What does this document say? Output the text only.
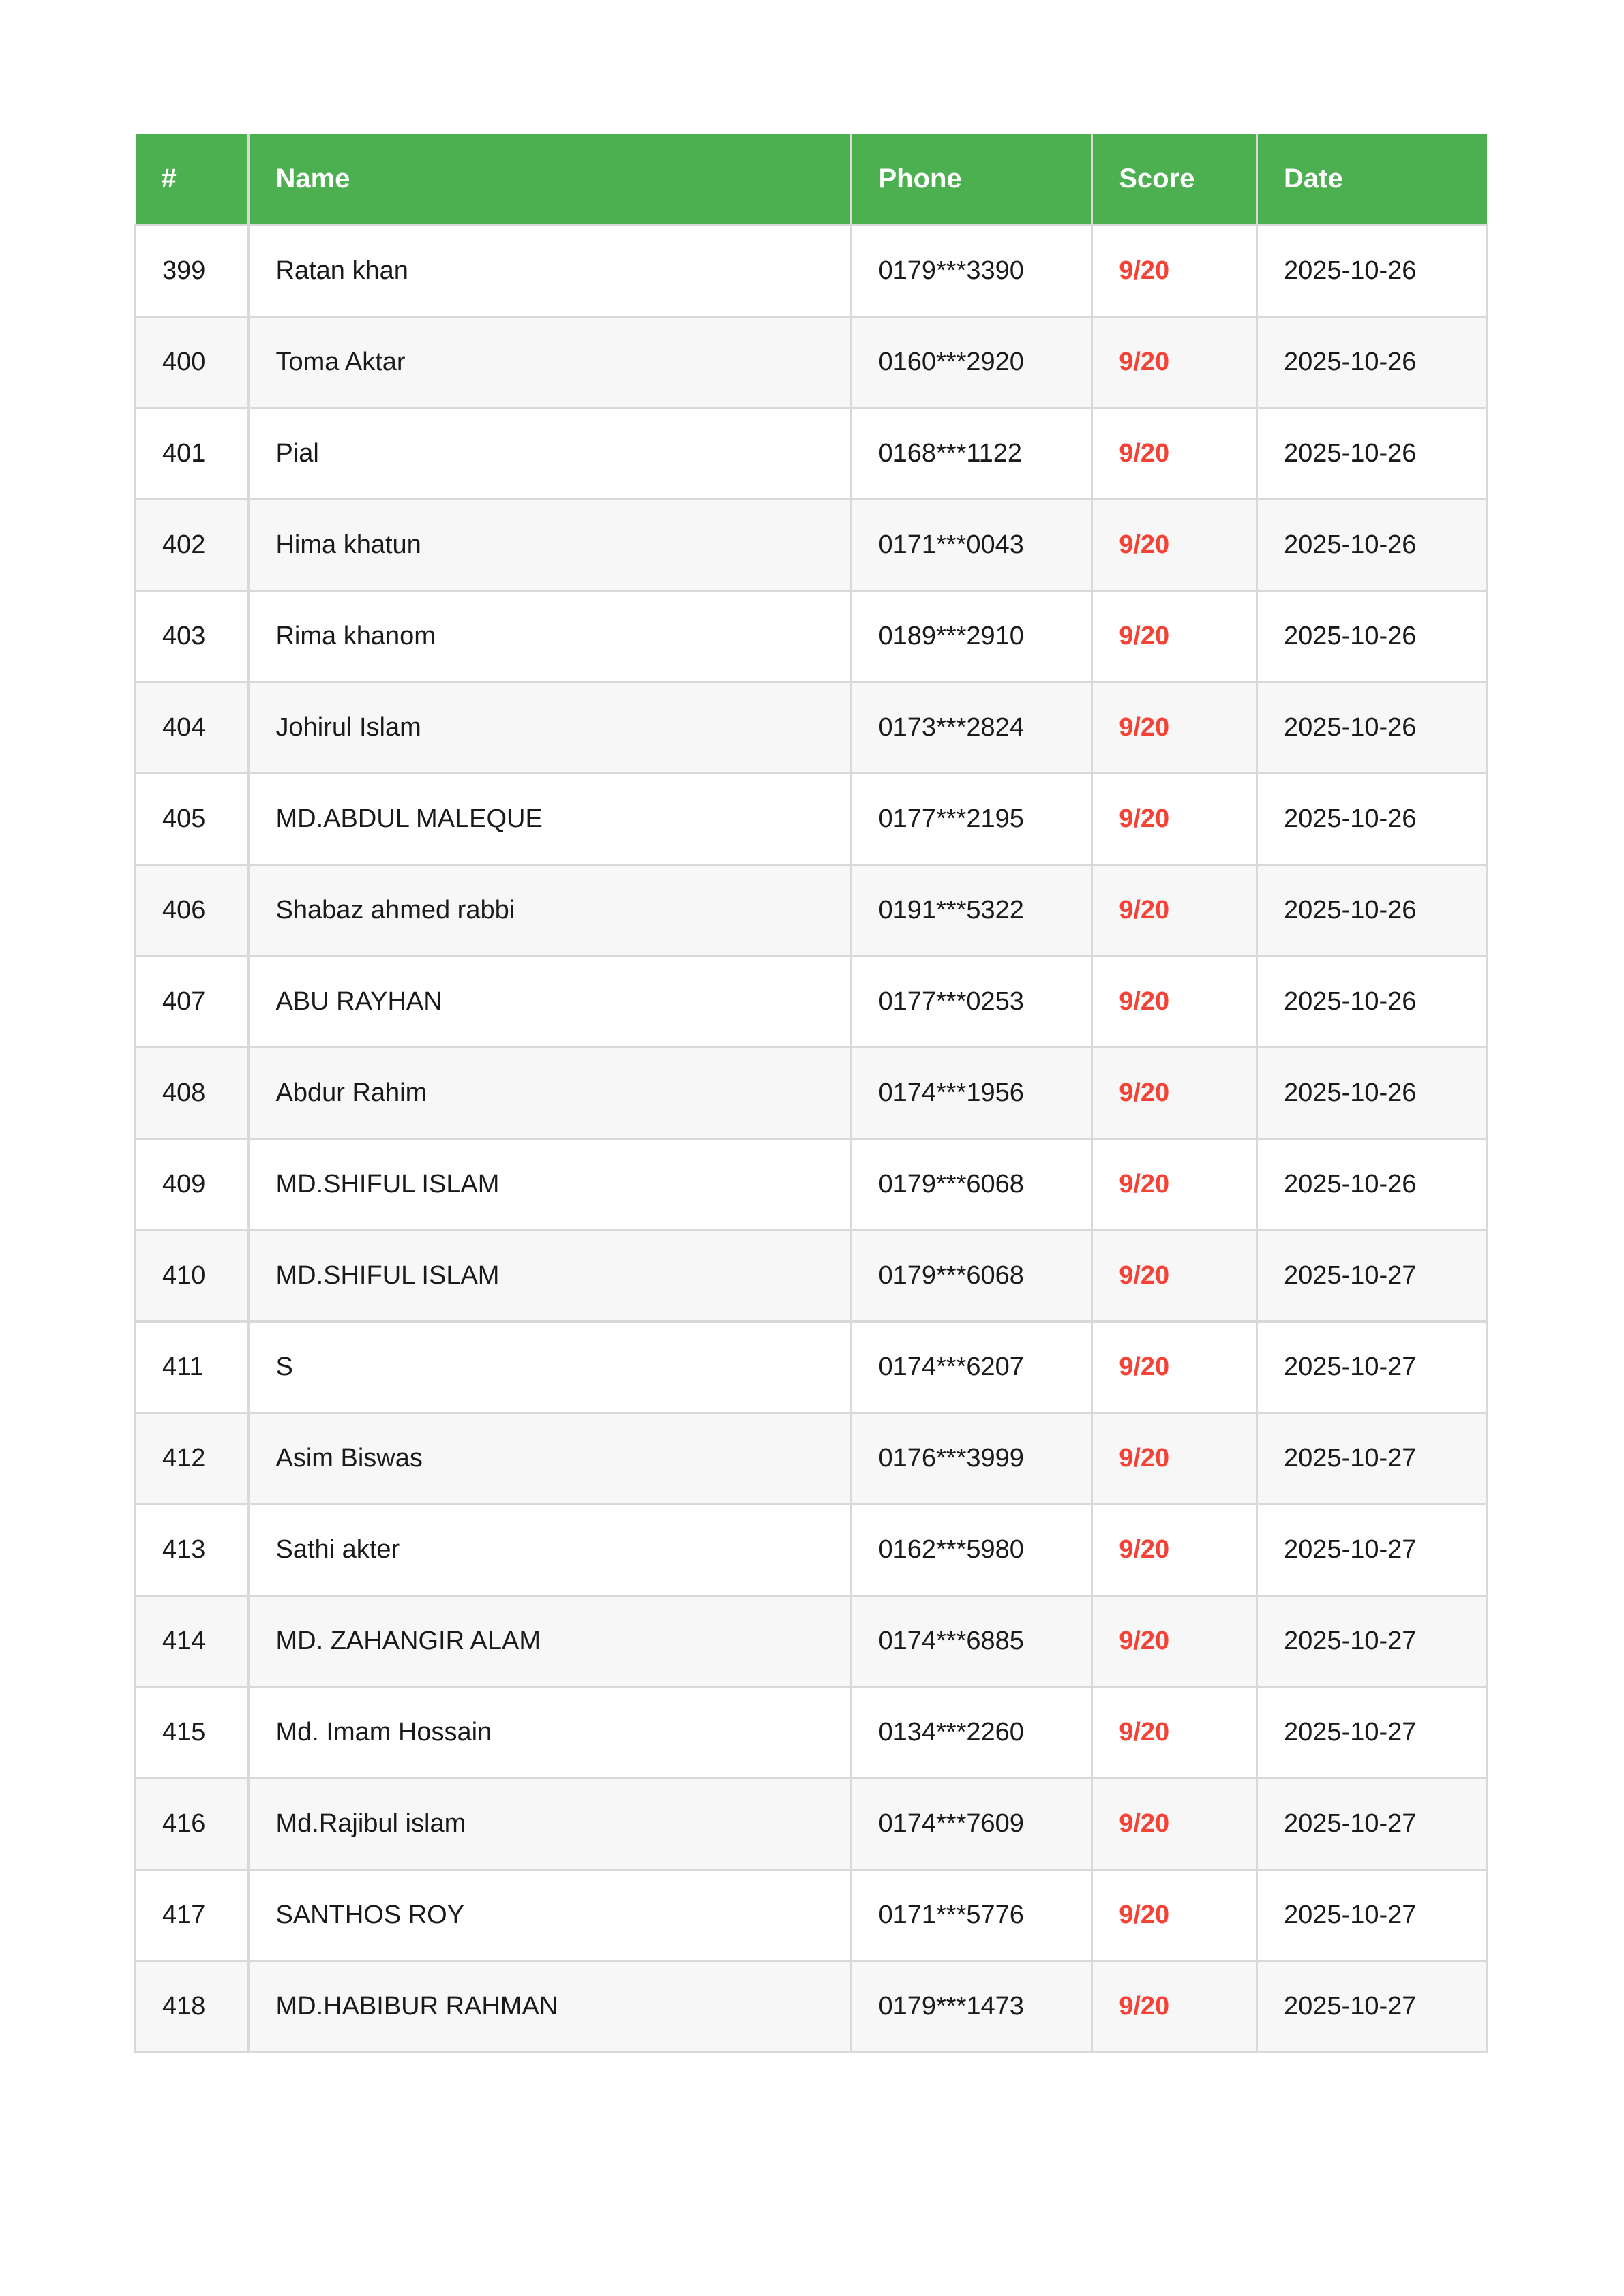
#	Name	Phone	Score	Date
399	Ratan khan	0179***3390	9/20	2025-10-26
400	Toma Aktar	0160***2920	9/20	2025-10-26
401	Pial	0168***1122	9/20	2025-10-26
402	Hima khatun	0171***0043	9/20	2025-10-26
403	Rima khanom	0189***2910	9/20	2025-10-26
404	Johirul Islam	0173***2824	9/20	2025-10-26
405	MD.ABDUL MALEQUE	0177***2195	9/20	2025-10-26
406	Shabaz ahmed rabbi	0191***5322	9/20	2025-10-26
407	ABU RAYHAN	0177***0253	9/20	2025-10-26
408	Abdur Rahim	0174***1956	9/20	2025-10-26
409	MD.SHIFUL ISLAM	0179***6068	9/20	2025-10-26
410	MD.SHIFUL ISLAM	0179***6068	9/20	2025-10-27
411	S	0174***6207	9/20	2025-10-27
412	Asim Biswas	0176***3999	9/20	2025-10-27
413	Sathi akter	0162***5980	9/20	2025-10-27
414	MD. ZAHANGIR ALAM	0174***6885	9/20	2025-10-27
415	Md. Imam Hossain	0134***2260	9/20	2025-10-27
416	Md.Rajibul islam	0174***7609	9/20	2025-10-27
417	SANTHOS ROY	0171***5776	9/20	2025-10-27
418	MD.HABIBUR RAHMAN	0179***1473	9/20	2025-10-27
